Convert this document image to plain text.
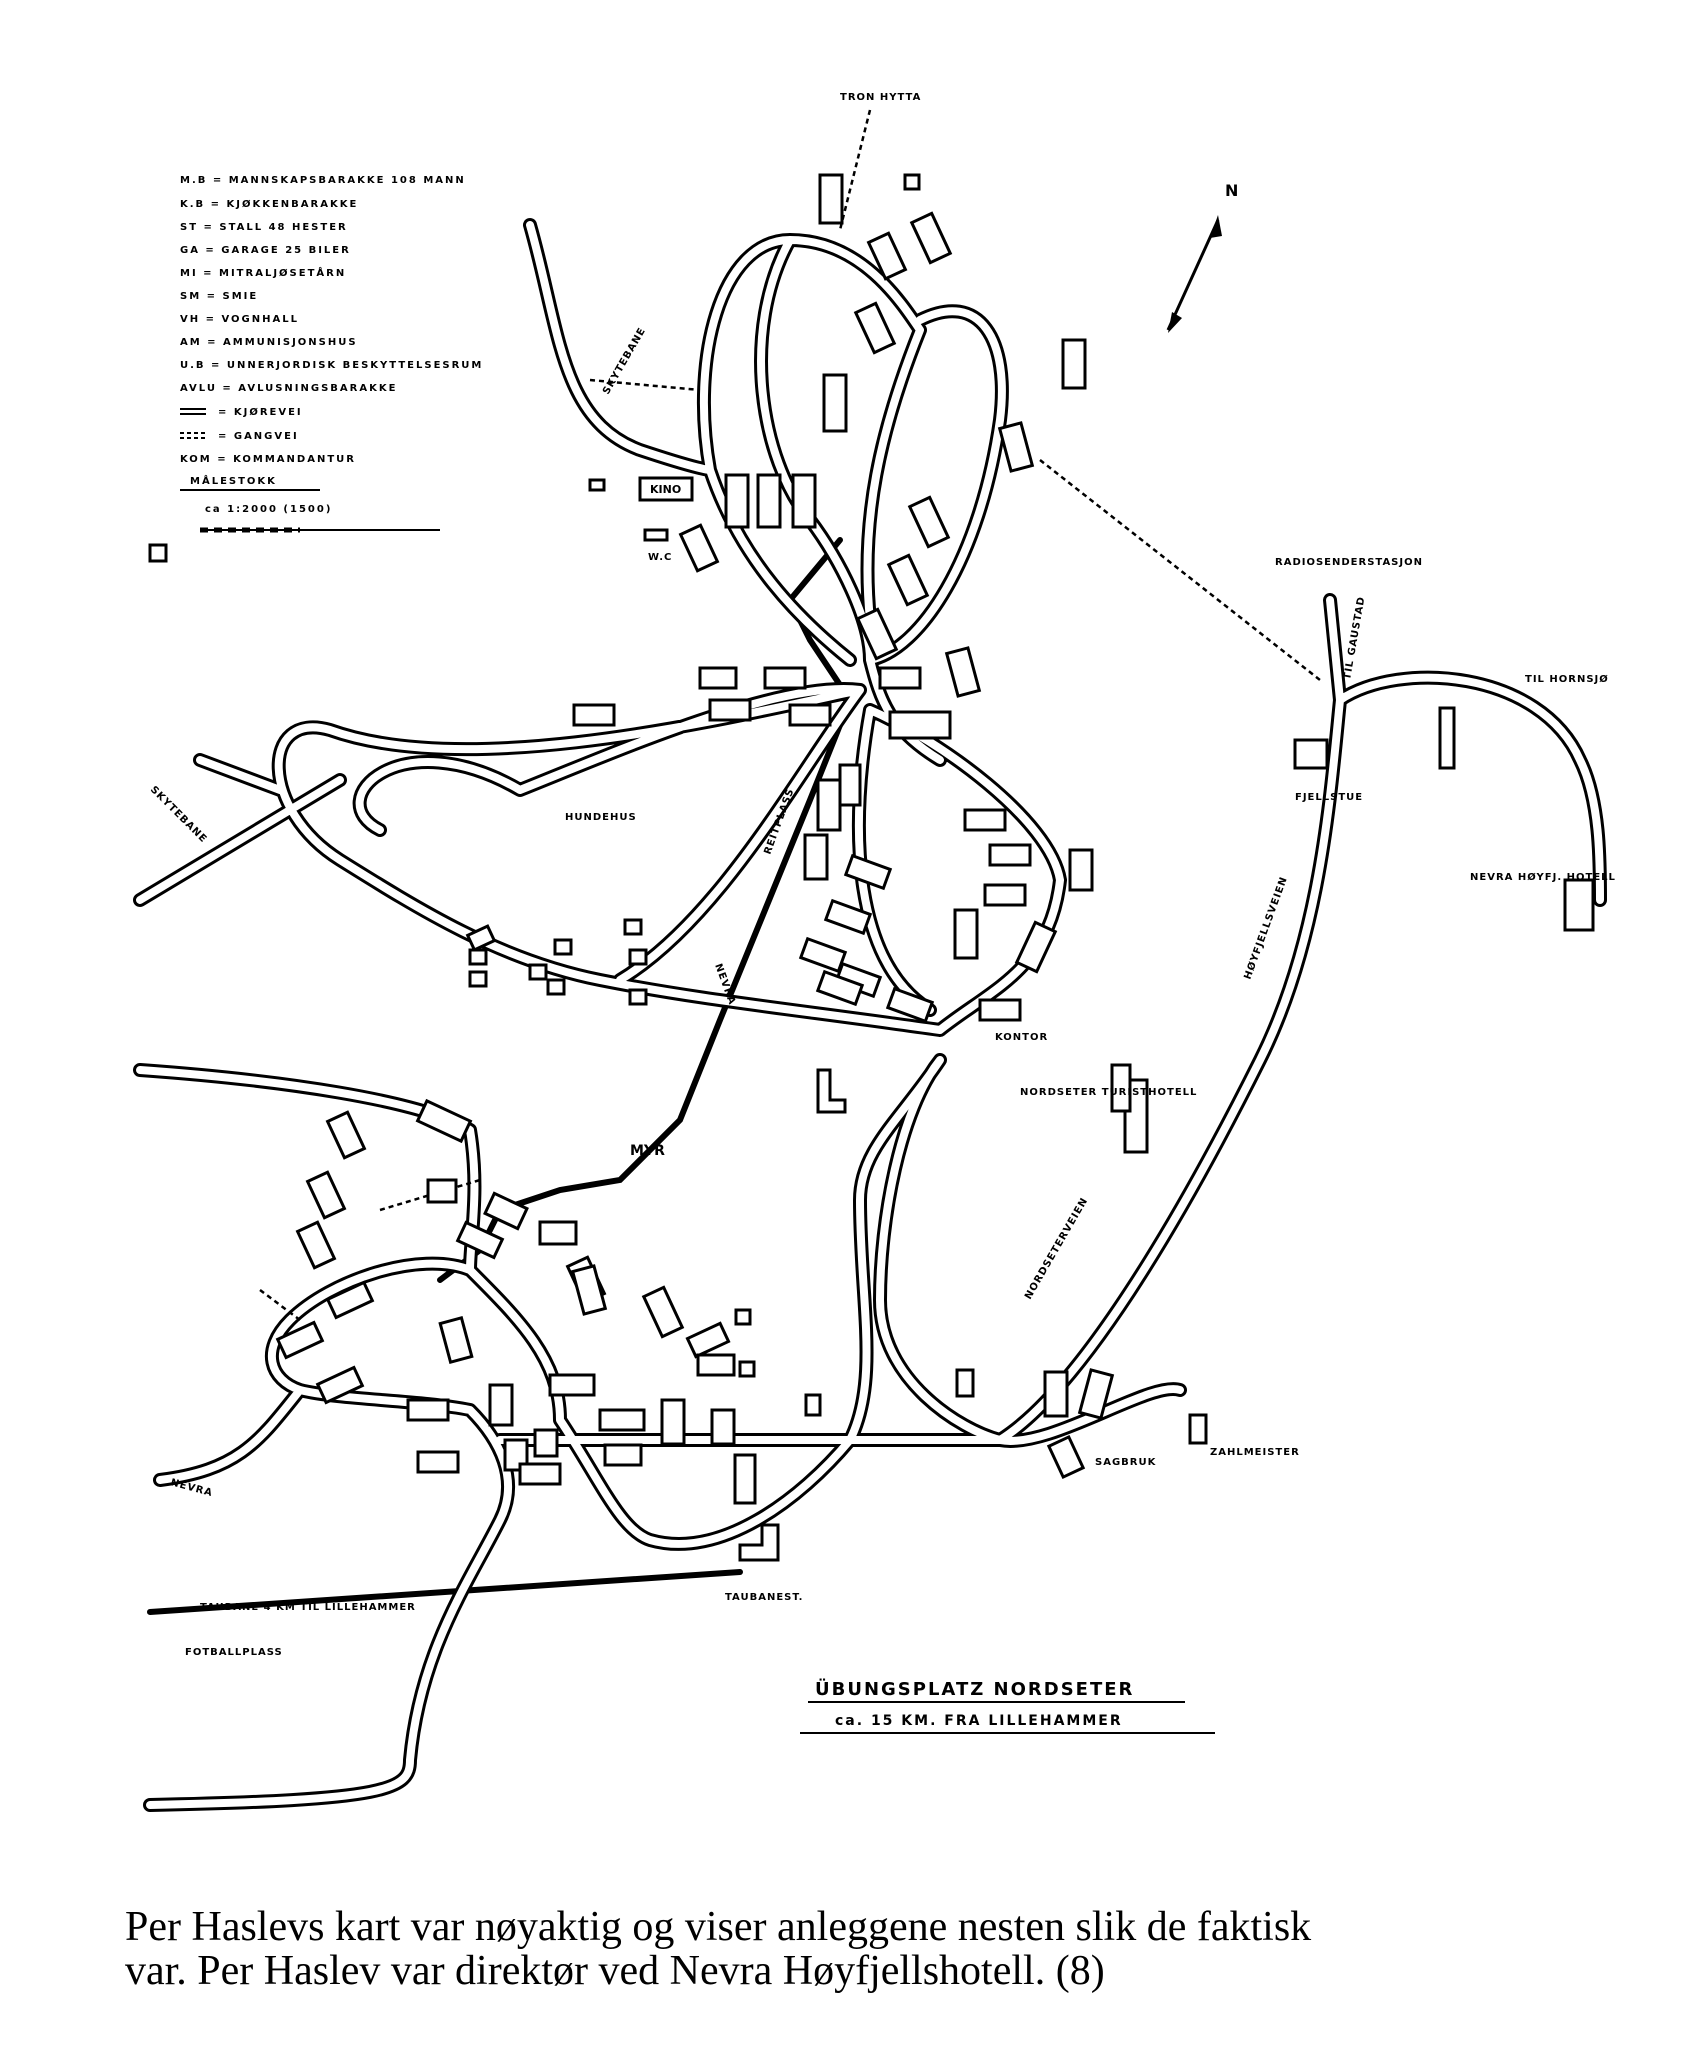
M.B = MANNSKAPSBARAKKE 108 MANN
K.B = KJØKKENBARAKKE
ST = STALL 48 HESTER
GA = GARAGE 25 BILER
MI = MITRALJØSETÅRN
SM = SMIE
VH = VOGNHALL
AM = AMMUNISJONSHUS
U.B = UNNERJORDISK BESKYTTELSESRUM
AVLU = AVLUSNINGSBARAKKE
= KJØREVEI
= GANGVEI
KOM = KOMMANDANTUR
MÅLESTOKK
ca 1:2000 (1500)
N
TRON HYTTA
SKYTEBANE
SKYTEBANE
RADIOSENDERSTASJON
TIL GAUSTAD	TIL HORNSJØ
FJELLSTUE
NEVRA HØYFJ. HOTELL
NEVRA
NEVRA
MYR
HUNDEHUS
KONTOR
NORDSETER TURISTHOTELL
TAUBANE 4 KM TIL LILLEHAMMER
TAUBANEST.
FOTBALLPLASS
SAGBRUK
ZAHLMEISTER
HØYFJELLSVEIEN
NORDSETERVEIEN
REITPLASS
KINO
W.C
ÜBUNGSPLATZ NORDSETER
ca. 15 KM. FRA LILLEHAMMER

Per Haslevs kart var nøyaktig og viser anleggene nesten slik de faktisk
var. Per Haslev var direktør ved Nevra Høyfjellshotell. (8)
